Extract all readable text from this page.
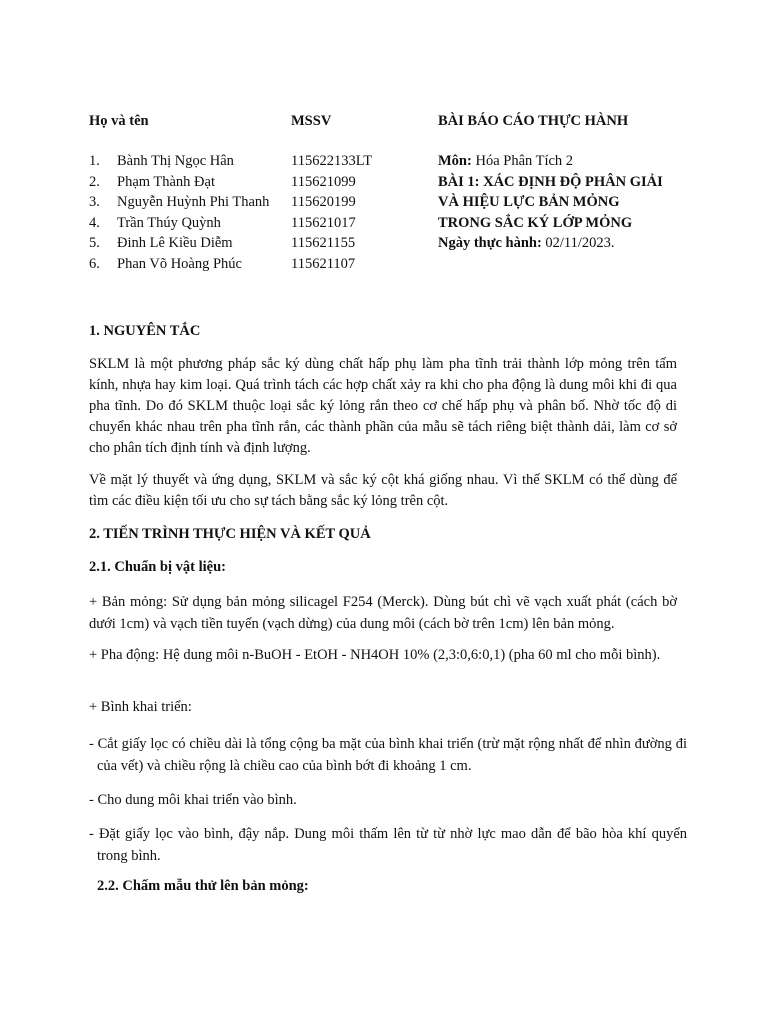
Họ và tên	MSSV	BÀI BÁO CÁO THỰC HÀNH
1. Bành Thị Ngọc Hân	115622133LT
2. Phạm Thành Đạt	115621099
3. Nguyễn Huỳnh Phi Thanh 115620199
4. Trần Thúy Quỳnh	115621017
5. Đinh Lê Kiều Diễm	115621155
6. Phan Võ Hoàng Phúc	115621107
Môn: Hóa Phân Tích 2
BÀI 1: XÁC ĐỊNH ĐỘ PHÂN GIẢI
VÀ HIỆU LỰC BẢN MỎNG
TRONG SẮC KÝ LỚP MỎNG
Ngày thực hành: 02/11/2023.
1. NGUYÊN TẮC
SKLM là một phương pháp sắc ký dùng chất hấp phụ làm pha tĩnh trải thành lớp mỏng trên tấm kính, nhựa hay kim loại. Quá trình tách các hợp chất xảy ra khi cho pha động là dung môi khi đi qua pha tĩnh. Do đó SKLM thuộc loại sắc ký lỏng rắn theo cơ chế hấp phụ và phân bố. Nhờ tốc độ di chuyển khác nhau trên pha tĩnh rắn, các thành phần của mẫu sẽ tách riêng biệt thành dải, làm cơ sở cho phân tích định tính và định lượng.
Về mặt lý thuyết và ứng dụng, SKLM và sắc ký cột khá giống nhau. Vì thế SKLM có thể dùng để tìm các điều kiện tối ưu cho sự tách bằng sắc ký lỏng trên cột.
2. TIẾN TRÌNH THỰC HIỆN VÀ KẾT QUẢ
2.1. Chuẩn bị vật liệu:
+ Bản mỏng: Sử dụng bản mỏng silicagel F254 (Merck). Dùng bút chì vẽ vạch xuất phát (cách bờ dưới 1cm) và vạch tiền tuyến (vạch dừng) của dung môi (cách bờ trên 1cm) lên bản mỏng.
+ Pha động: Hệ dung môi n-BuOH - EtOH - NH4OH 10% (2,3:0,6:0,1) (pha 60 ml cho mỗi bình).
+ Bình khai triển:
- Cắt giấy lọc có chiều dài là tổng cộng ba mặt của bình khai triển (trừ mặt rộng nhất để nhìn đường đi của vết) và chiều rộng là chiều cao của bình bớt đi khoảng 1 cm.
- Cho dung môi khai triển vào bình.
- Đặt giấy lọc vào bình, đậy nắp. Dung môi thấm lên từ từ nhờ lực mao dẫn để bão hòa khí quyển trong bình.
2.2. Chấm mẫu thử lên bản mỏng:
